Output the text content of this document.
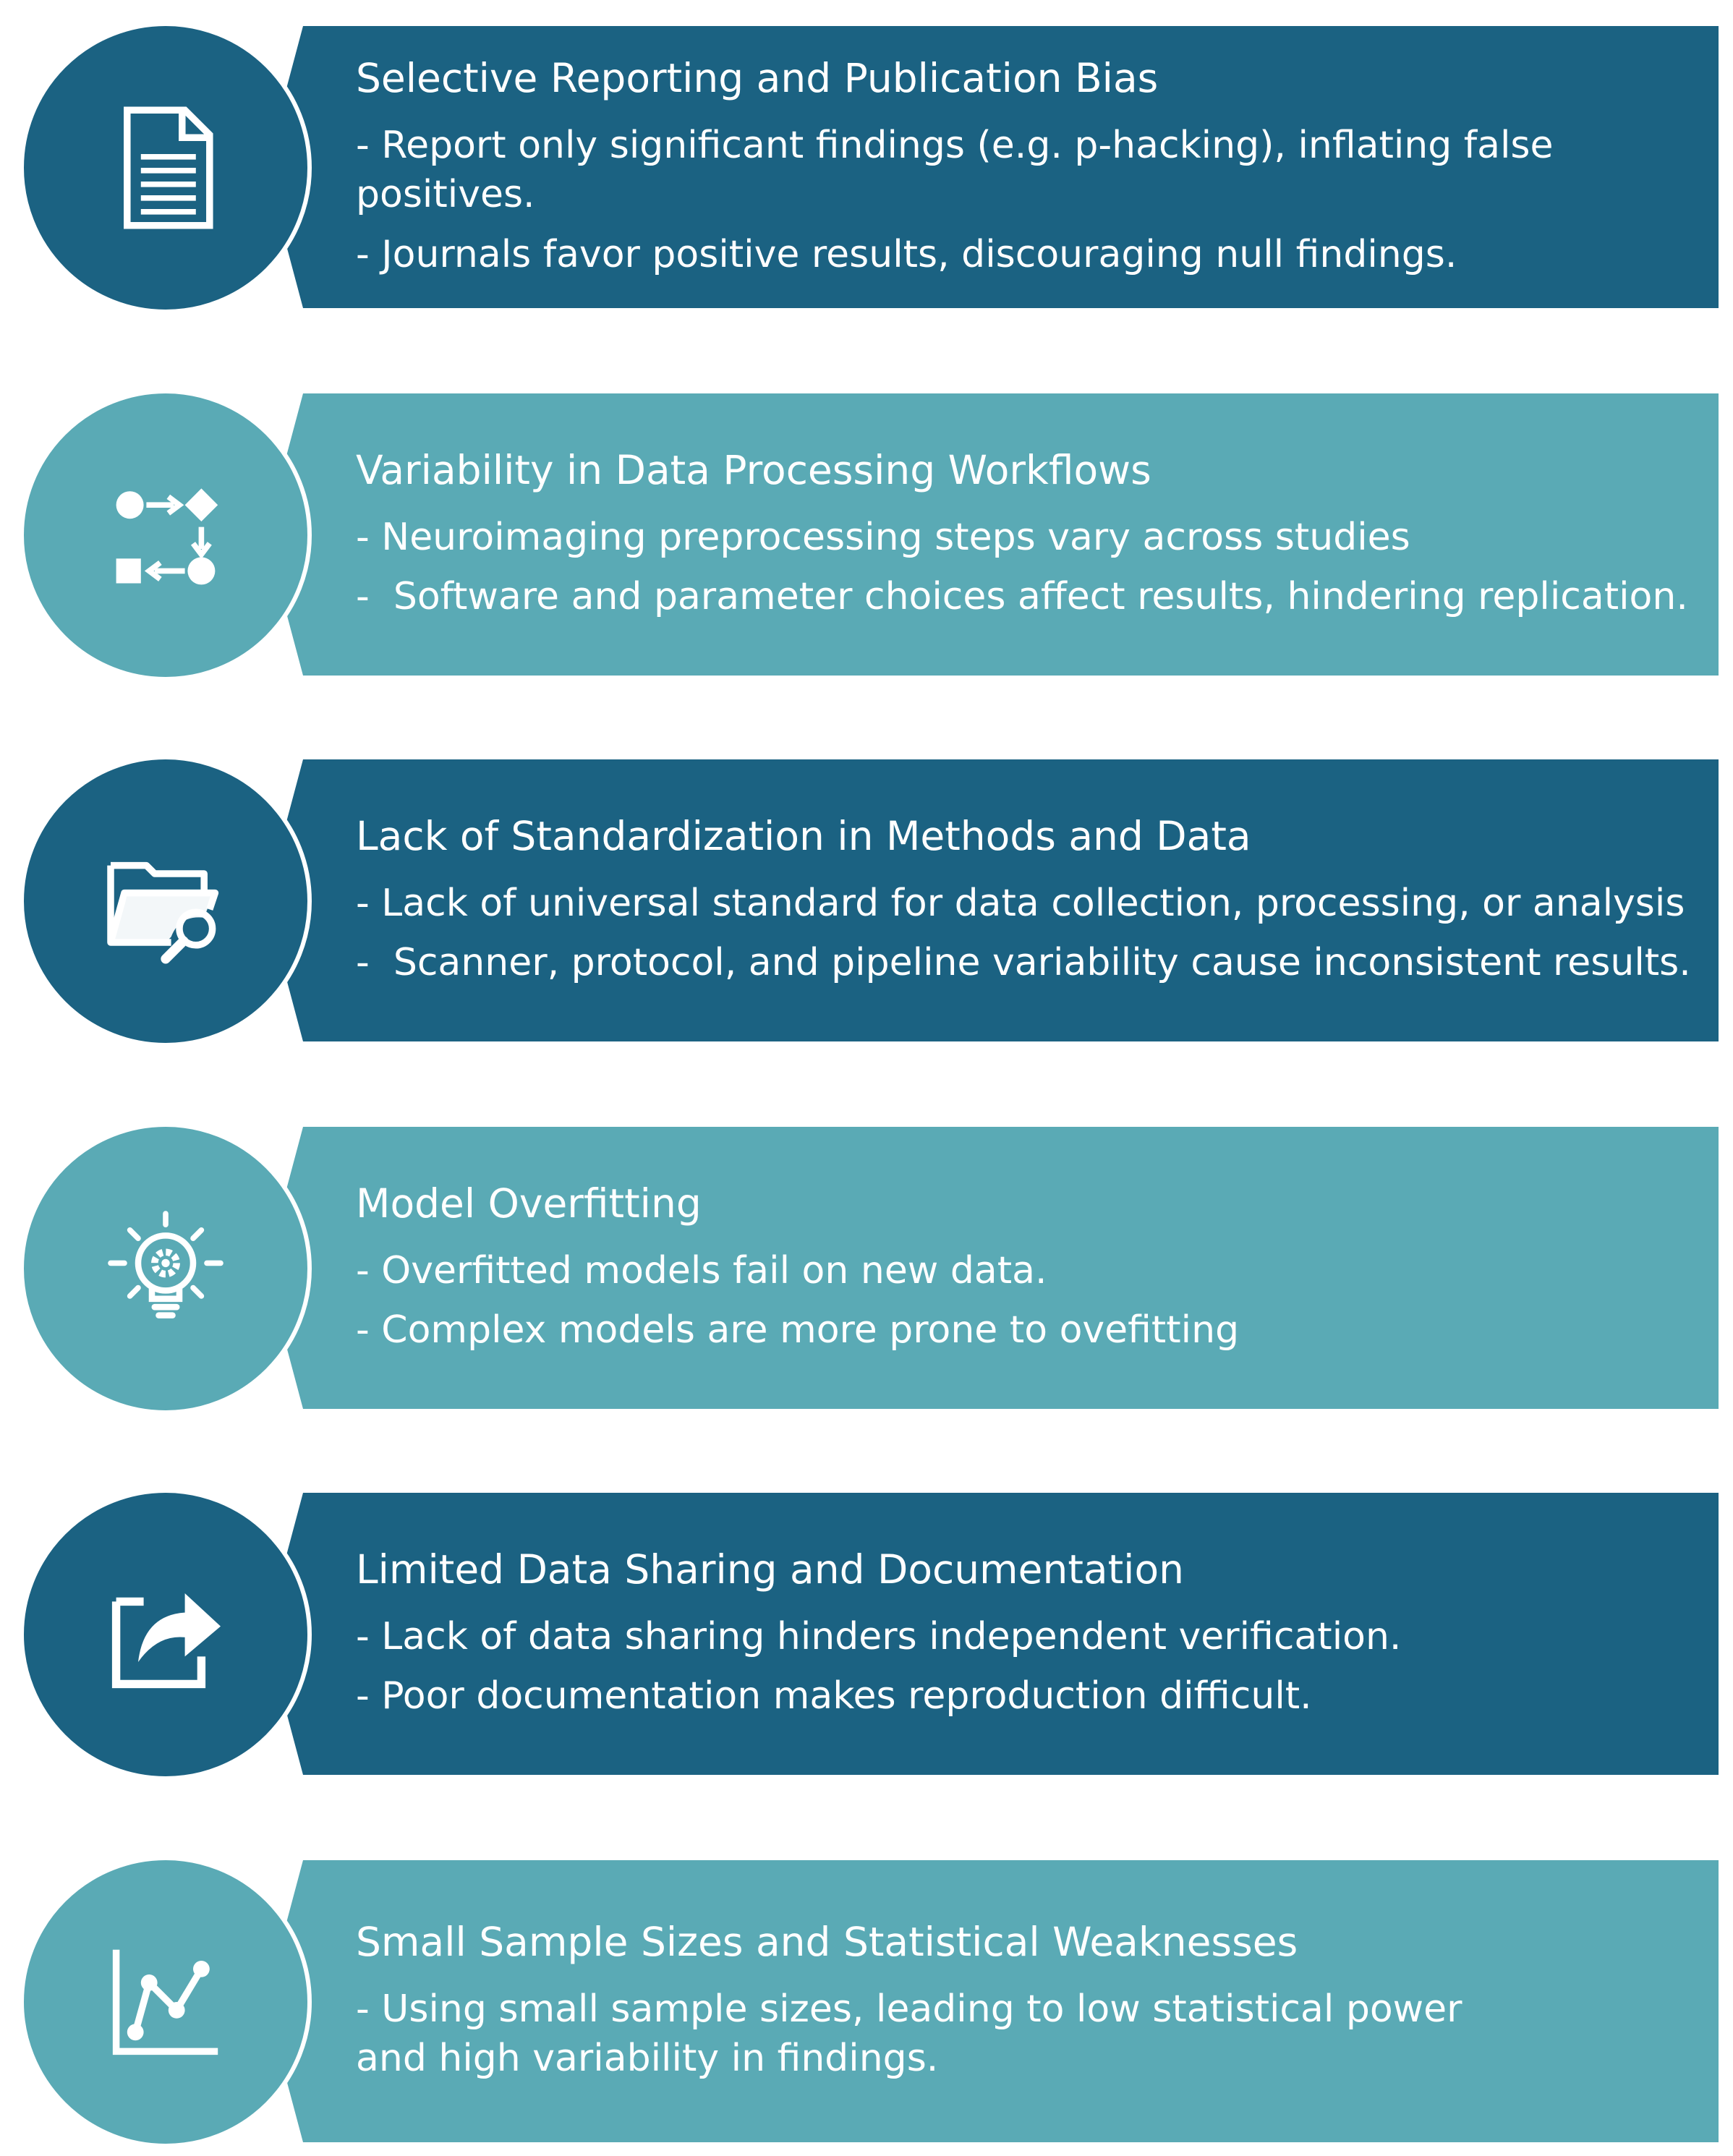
Selective Reporting and Publication Bias
- Report only significant findings (e.g. p-hacking), inflating false positives.
- Journals favor positive results, discouraging null findings.
Variability in Data Processing Workflows
- Neuroimaging preprocessing steps vary across studies
-  Software and parameter choices affect results, hindering replication.
Lack of Standardization in Methods and Data
- Lack of universal standard for data collection, processing, or analysis
-  Scanner, protocol, and pipeline variability cause inconsistent results.
Model Overfitting
- Overfitted models fail on new data.
- Complex models are more prone to ovefitting
Limited Data Sharing and Documentation
- Lack of data sharing hinders independent verification.
- Poor documentation makes reproduction difficult.
Small Sample Sizes and Statistical Weaknesses
- Using small sample sizes, leading to low statistical power and high variability in findings.
